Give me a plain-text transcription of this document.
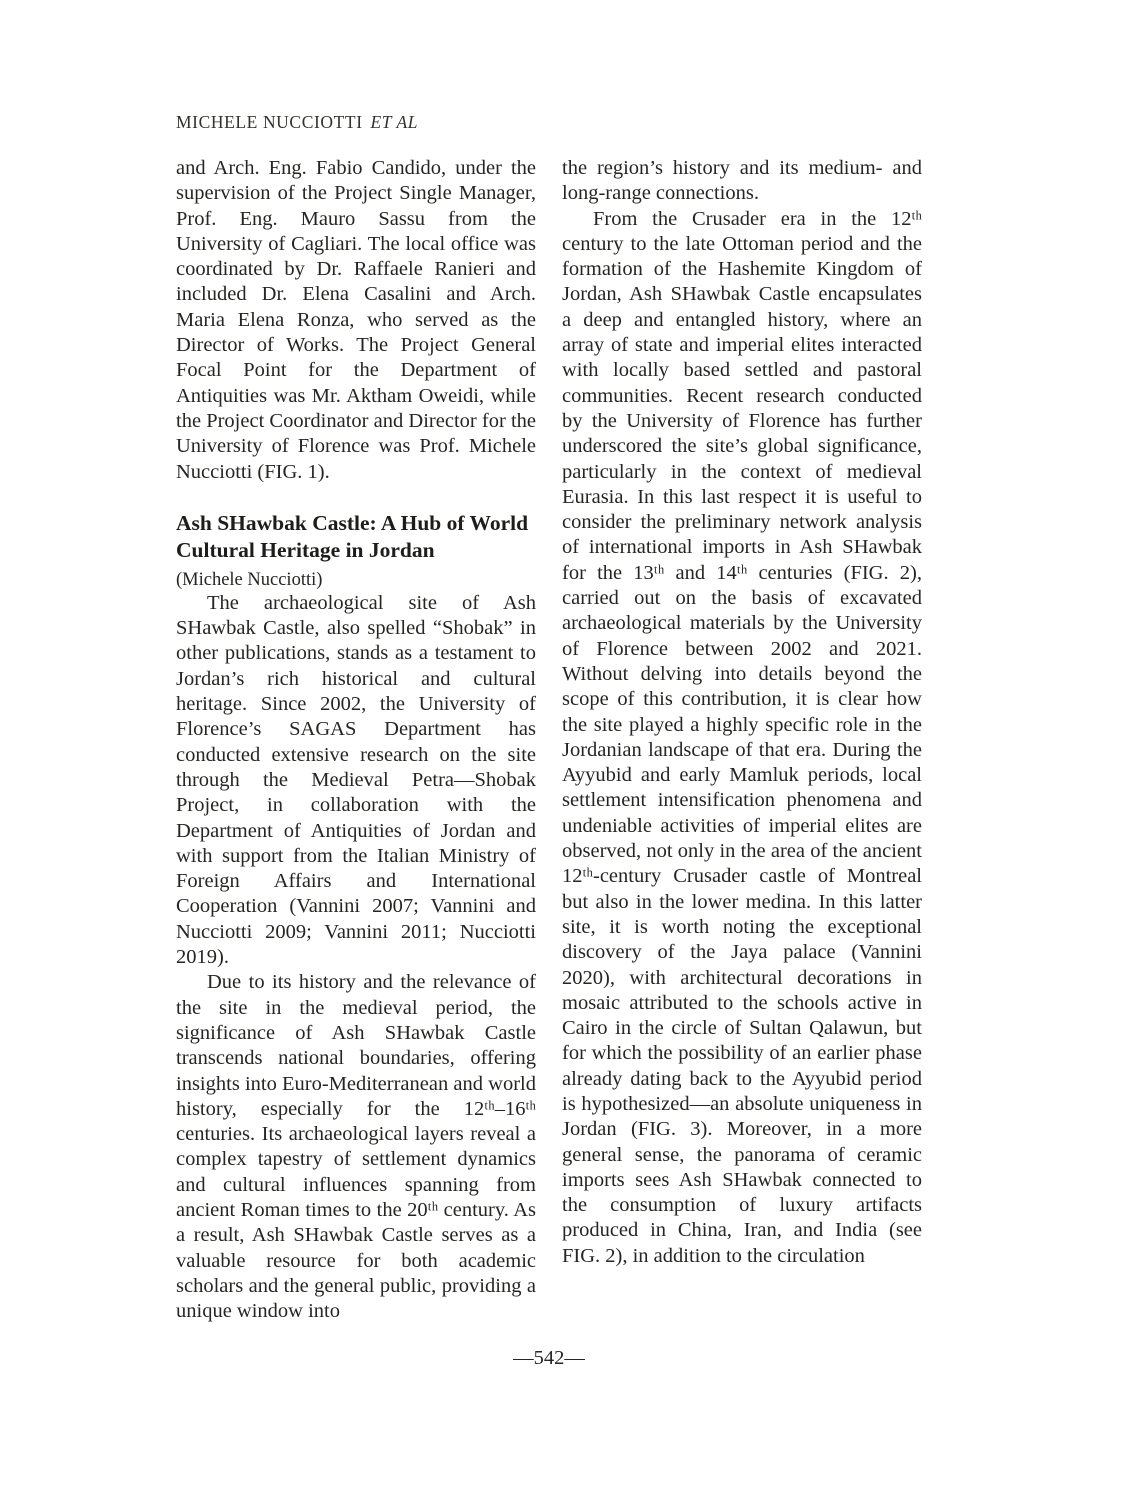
MICHELE NUCCIOTTI ET AL

and Arch. Eng. Fabio Candido, under the supervision of the Project Single Manager, Prof. Eng. Mauro Sassu from the University of Cagliari. The local office was coordinated by Dr. Raffaele Ranieri and included Dr. Elena Casalini and Arch. Maria Elena Ronza, who served as the Director of Works. The Project General Focal Point for the Department of Antiquities was Mr. Aktham Oweidi, while the Project Coordinator and Director for the University of Florence was Prof. Michele Nucciotti (FIG. 1).

Ash SHawbak Castle: A Hub of World Cultural Heritage in Jordan

(Michele Nucciotti)

The archaeological site of Ash SHawbak Castle, also spelled “Shobak” in other publications, stands as a testament to Jordan’s rich historical and cultural heritage. Since 2002, the University of Florence’s SAGAS Department has conducted extensive research on the site through the Medieval Petra—Shobak Project, in collaboration with the Department of Antiquities of Jordan and with support from the Italian Ministry of Foreign Affairs and International Cooperation (Vannini 2007; Vannini and Nucciotti 2009; Vannini 2011; Nucciotti 2019).

Due to its history and the relevance of the site in the medieval period, the significance of Ash SHawbak Castle transcends national boundaries, offering insights into Euro-Mediterranean and world history, especially for the 12ᵗʰ–16ᵗʰ centuries. Its archaeological layers reveal a complex tapestry of settlement dynamics and cultural influences spanning from ancient Roman times to the 20ᵗʰ century. As a result, Ash SHawbak Castle serves as a valuable resource for both academic scholars and the general public, providing a unique window into

the region’s history and its medium- and long-range connections.

From the Crusader era in the 12ᵗʰ century to the late Ottoman period and the formation of the Hashemite Kingdom of Jordan, Ash SHawbak Castle encapsulates a deep and entangled history, where an array of state and imperial elites interacted with locally based settled and pastoral communities. Recent research conducted by the University of Florence has further underscored the site’s global significance, particularly in the context of medieval Eurasia. In this last respect it is useful to consider the preliminary network analysis of international imports in Ash SHawbak for the 13ᵗʰ and 14ᵗʰ centuries (FIG. 2), carried out on the basis of excavated archaeological materials by the University of Florence between 2002 and 2021. Without delving into details beyond the scope of this contribution, it is clear how the site played a highly specific role in the Jordanian landscape of that era. During the Ayyubid and early Mamluk periods, local settlement intensification phenomena and undeniable activities of imperial elites are observed, not only in the area of the ancient 12ᵗʰ-century Crusader castle of Montreal but also in the lower medina. In this latter site, it is worth noting the exceptional discovery of the Jaya palace (Vannini 2020), with architectural decorations in mosaic attributed to the schools active in Cairo in the circle of Sultan Qalawun, but for which the possibility of an earlier phase already dating back to the Ayyubid period is hypothesized—an absolute uniqueness in Jordan (FIG. 3). Moreover, in a more general sense, the panorama of ceramic imports sees Ash SHawbak connected to the consumption of luxury artifacts produced in China, Iran, and India (see FIG. 2), in addition to the circulation

—542—
